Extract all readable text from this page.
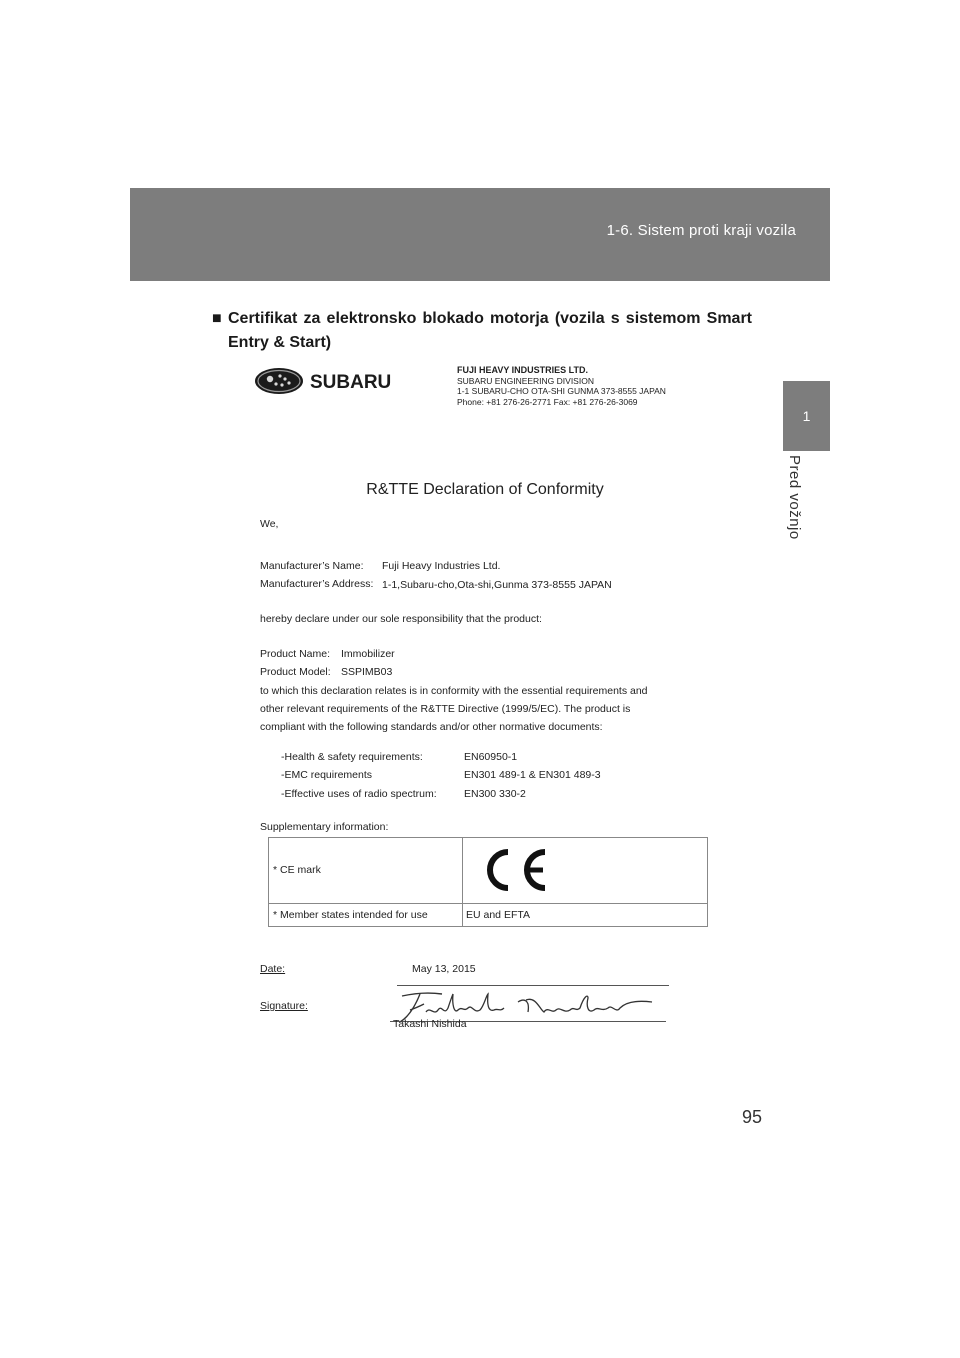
1-6. Sistem proti kraji vozila
1
Pred vožnjo
■ Certifikat za elektronsko blokado motorja (vozila s sistemom Smart
Entry & Start)
SUBARU
FUJI HEAVY INDUSTRIES LTD.
SUBARU ENGINEERING DIVISION
1-1 SUBARU-CHO OTA-SHI GUNMA 373-8555 JAPAN
Phone: +81 276-26-2771 Fax: +81 276-26-3069
R&TTE Declaration of Conformity
We,
Manufacturer’s Name: Fuji Heavy Industries Ltd.
Manufacturer’s Address: 1-1,Subaru-cho,Ota-shi,Gunma 373-8555 JAPAN
hereby declare under our sole responsibility that the product:
Product Name: Immobilizer
Product Model: SSPIMB03
to which this declaration relates is in conformity with the essential requirements and
other relevant requirements of the R&TTE Directive (1999/5/EC). The product is
compliant with the following standards and/or other normative documents:
-Health & safety requirements:	EN60950-1
-EMC requirements	EN301 489-1 & EN301 489-3
-Effective uses of radio spectrum:	EN300 330-2
Supplementary information:
* CE mark
* Member states intended for use	EU and EFTA
Date:	May 13, 2015
Signature:
Takashi Nishida
95
